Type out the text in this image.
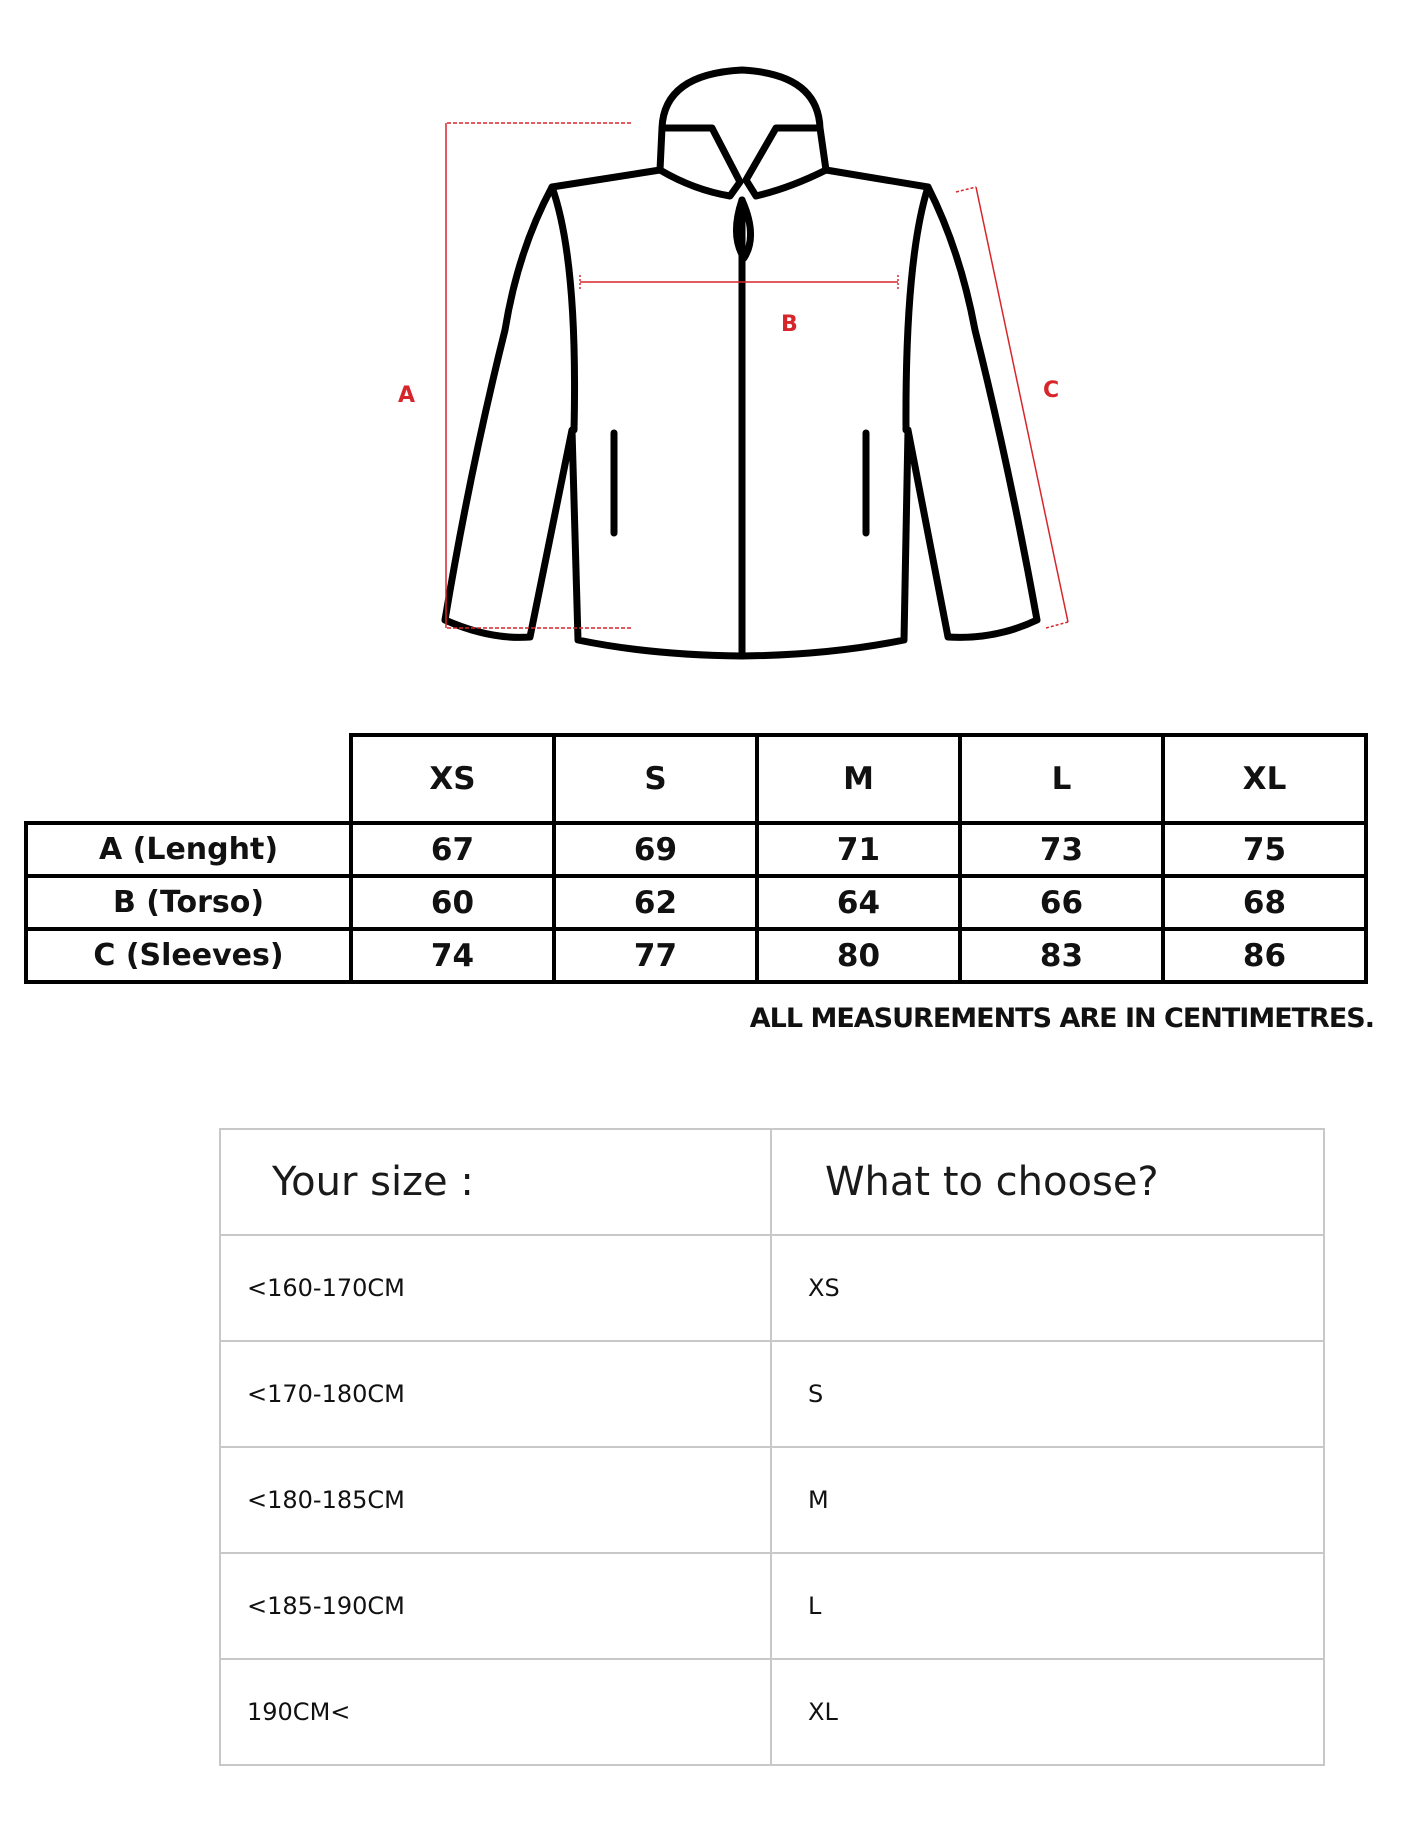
A
B
C
	XS	S	M	L	XL
A (Lenght)	67	69	71	73	75
B (Torso)	60	62	64	66	68
C (Sleeves)	74	77	80	83	86
ALL MEASUREMENTS ARE IN CENTIMETRES.
Your size :	What to choose?
<160-170CM	XS
<170-180CM	S
<180-185CM	M
<185-190CM	L
190CM<	XL
